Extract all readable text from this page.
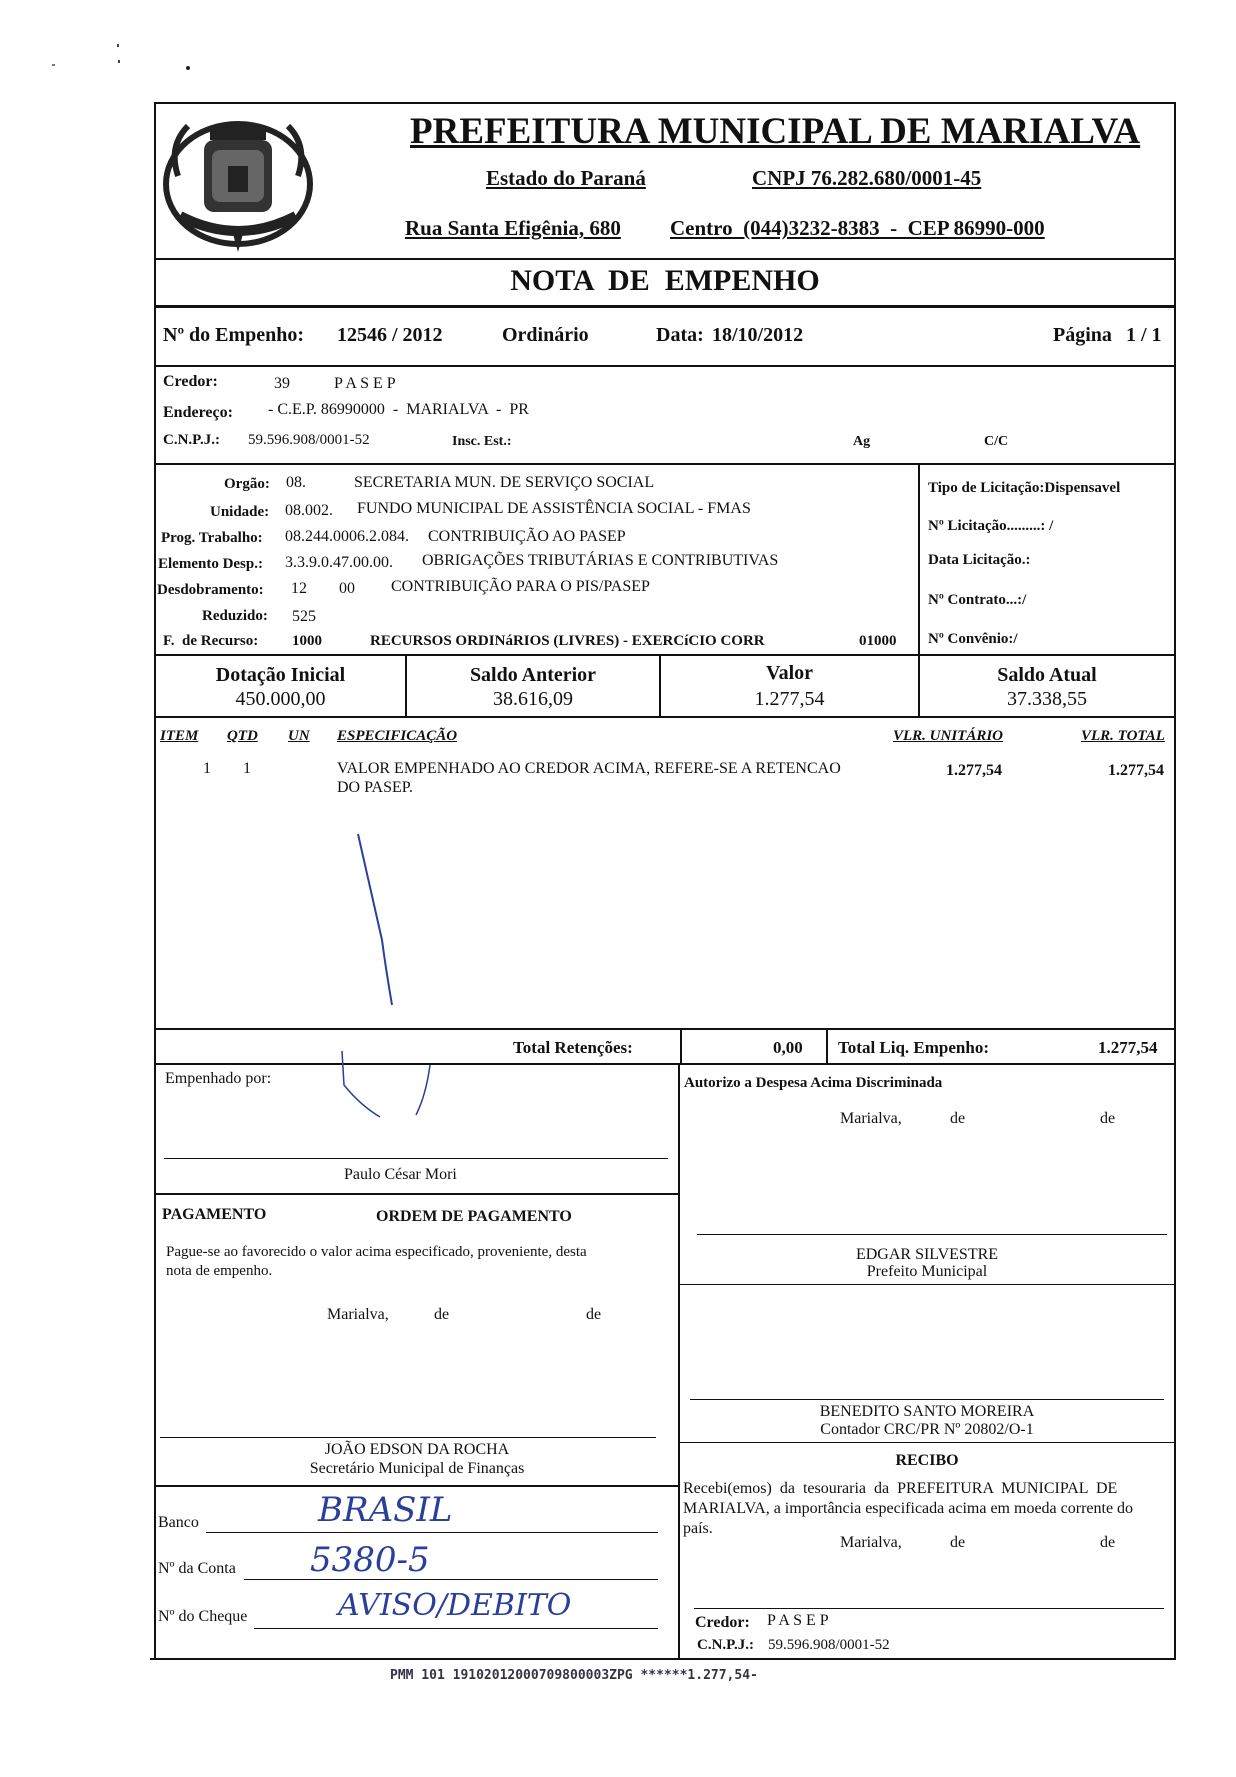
PREFEITURA MUNICIPAL DE MARIALVA
Estado do Paraná	CNPJ 76.282.680/0001-45
Rua Santa Efigênia, 680 Centro  (044)3232-8383  -  CEP 86990-000
NOTA  DE  EMPENHO
Nº do Empenho: 12546 / 2012	Ordinário	Data: 18/10/2012	Página 1 / 1
Credor:	39	P A S E P
Endereço: - C.E.P. 86990000  -  MARIALVA  -  PR
C.N.P.J.: 59.596.908/0001-52	Insc. Est.:	Ag	C/C
Orgão: 08.	SECRETARIA MUN. DE SERVIÇO SOCIAL
Unidade: 08.002. FUNDO MUNICIPAL DE ASSISTÊNCIA SOCIAL - FMAS
Prog. Trabalho: 08.244.0006.2.084. CONTRIBUIÇÃO AO PASEP
Elemento Desp.: 3.3.9.0.47.00.00. OBRIGAÇÕES TRIBUTÁRIAS E CONTRIBUTIVAS
Desdobramento: 12 00 CONTRIBUIÇÃO PARA O PIS/PASEP
Reduzido: 525
F.  de Recurso: 1000	RECURSOS ORDINáRIOS (LIVRES) - EXERCíCIO CORR	01000
Tipo de Licitação:Dispensavel
Nº Licitação.........: /
Data Licitação.:
Nº Contrato...:/
Nº Convênio:/
Dotação Inicial
450.000,00
Saldo Anterior
38.616,09
Valor
1.277,54
Saldo Atual
37.338,55
ITEM QTD UN ESPECIFICAÇÃO	VLR. UNITÁRIO	VLR. TOTAL
1 1	VALOR EMPENHADO AO CREDOR ACIMA, REFERE-SE A RETENCAO
DO PASEP.
1.277,54	1.277,54
Total Retenções:	0,00 Total Liq. Empenho:	1.277,54
Empenhado por:
Paulo César Mori
Autorizo a Despesa Acima Discriminada
Marialva,	de	de
EDGAR SILVESTRE
Prefeito Municipal
PAGAMENTO	ORDEM DE PAGAMENTO
Pague-se ao favorecido o valor acima especificado, proveniente, desta
nota de empenho.
Marialva,	de	de
BENEDITO SANTO MOREIRA
Contador CRC/PR Nº 20802/O-1
JOÃO EDSON DA ROCHA
Secretário Municipal de Finanças	RECIBO
Recebi(emos)  da  tesouraria  da  PREFEITURA  MUNICIPAL  DE
MARIALVA, a importância especificada acima em moeda corrente do
país.
Marialva,	de	de
Credor: P A S E P
C.N.P.J.: 59.596.908/0001-52
Banco	BRASIL
Nº da Conta 5380-5
Nº do Cheque	AVISO/DEBITO
PMM 101 19102012000709800003ZPG ******1.277,54-
